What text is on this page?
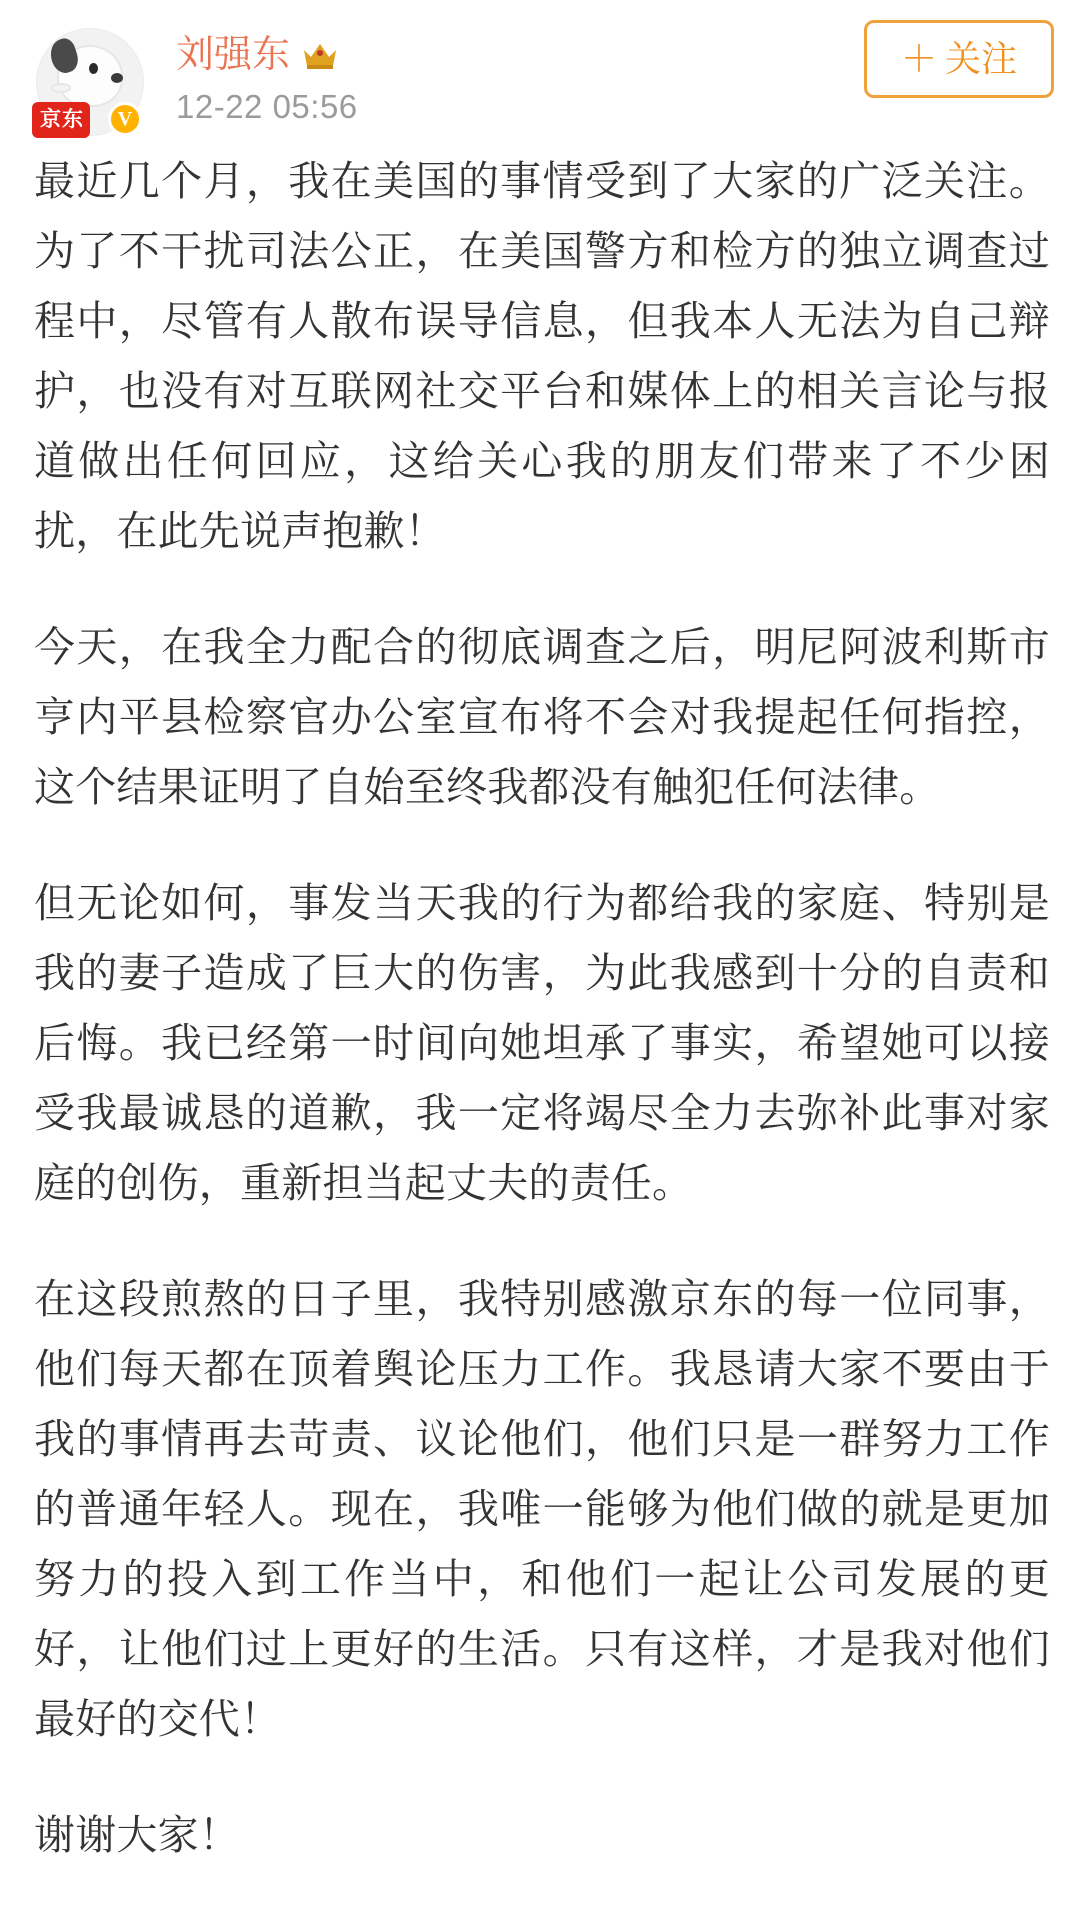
京东	V
刘强东
12-22 05:56
＋ 关注

最近几个月，我在美国的事情受到了大家的广泛关注。为了不干扰司法公正，在美国警方和检方的独立调查过程中，尽管有人散布误导信息，但我本人无法为自己辩护，也没有对互联网社交平台和媒体上的相关言论与报道做出任何回应，这给关心我的朋友们带来了不少困扰，在此先说声抱歉！

今天，在我全力配合的彻底调查之后，明尼阿波利斯市亨内平县检察官办公室宣布将不会对我提起任何指控，这个结果证明了自始至终我都没有触犯任何法律。

但无论如何，事发当天我的行为都给我的家庭、特别是我的妻子造成了巨大的伤害，为此我感到十分的自责和后悔。我已经第一时间向她坦承了事实，希望她可以接受我最诚恳的道歉，我一定将竭尽全力去弥补此事对家庭的创伤，重新担当起丈夫的责任。

在这段煎熬的日子里，我特别感激京东的每一位同事，他们每天都在顶着舆论压力工作。我恳请大家不要由于我的事情再去苛责、议论他们，他们只是一群努力工作的普通年轻人。现在，我唯一能够为他们做的就是更加努力的投入到工作当中，和他们一起让公司发展的更好，让他们过上更好的生活。只有这样，才是我对他们最好的交代！

谢谢大家！
